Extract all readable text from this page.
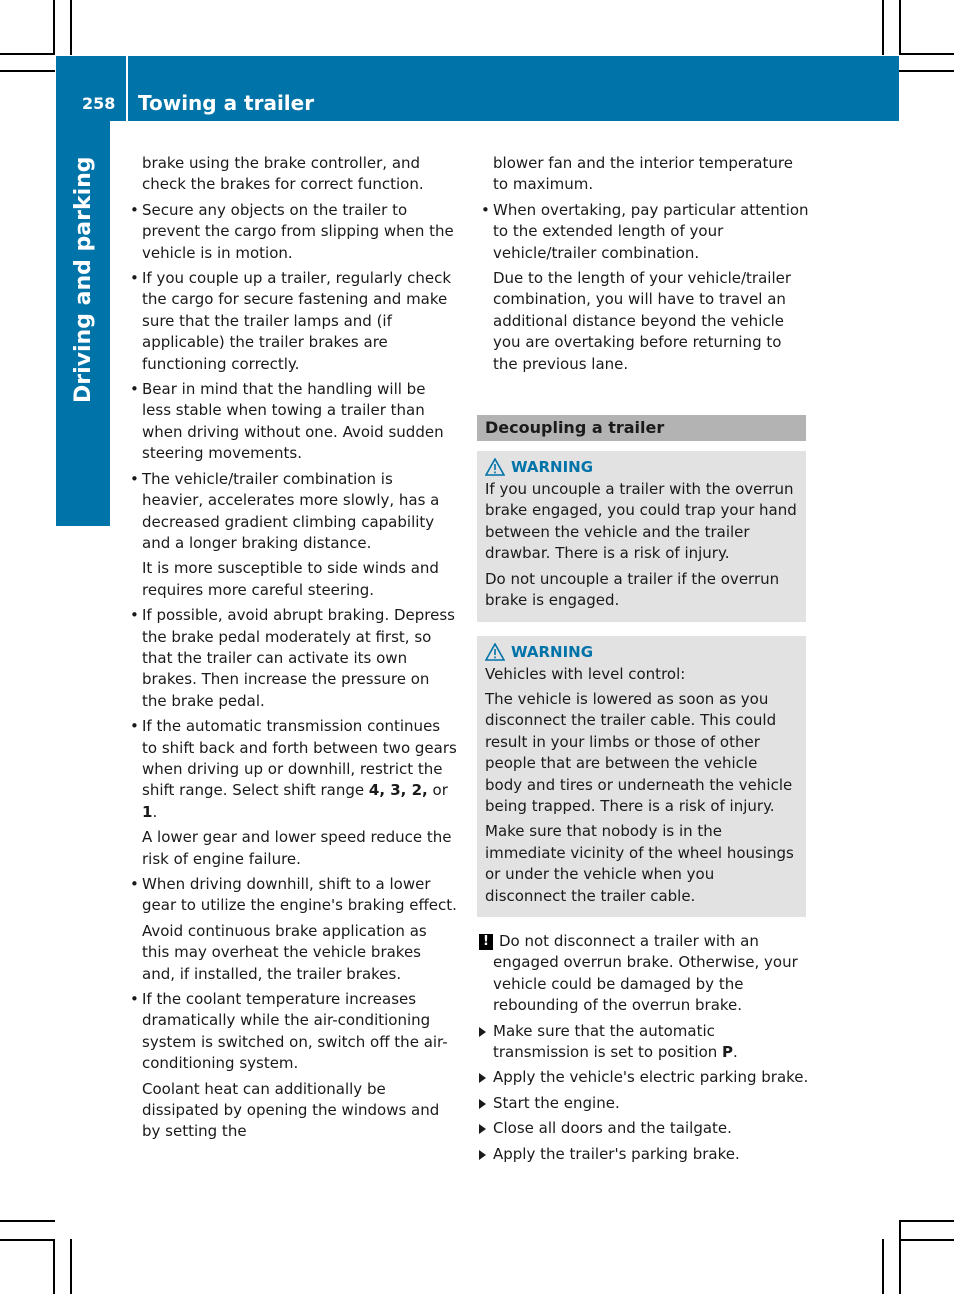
258 Towing a trailer
Driving and parking	brake using the brake controller, and check the brakes for correct function.

• Secure any objects on the trailer to prevent the cargo from slipping when the vehicle is in motion.

• If you couple up a trailer, regularly check the cargo for secure fastening and make sure that the trailer lamps and (if applicable) the trailer brakes are functioning correctly.

• Bear in mind that the handling will be less stable when towing a trailer than when driving without one. Avoid sudden steering movements.

• The vehicle/trailer combination is heavier, accelerates more slowly, has a decreased gradient climbing capability and a longer braking distance.

It is more susceptible to side winds and requires more careful steering.

• If possible, avoid abrupt braking. Depress the brake pedal moderately at first, so that the trailer can activate its own brakes. Then increase the pressure on the brake pedal.

• If the automatic transmission continues to shift back and forth between two gears when driving up or downhill, restrict the shift range. Select shift range 4, 3, 2, or 1.

A lower gear and lower speed reduce the risk of engine failure.

• When driving downhill, shift to a lower gear to utilize the engine's braking effect.

Avoid continuous brake application as this may overheat the vehicle brakes and, if installed, the trailer brakes.

• If the coolant temperature increases dramatically while the air-conditioning system is switched on, switch off the air-conditioning system.

Coolant heat can additionally be dissipated by opening the windows and by setting the

blower fan and the interior temperature to maximum.

• When overtaking, pay particular attention to the extended length of your vehicle/trailer combination.

Due to the length of your vehicle/trailer combination, you will have to travel an additional distance beyond the vehicle you are overtaking before returning to the previous lane.

Decoupling a trailer
WARNING

If you uncouple a trailer with the overrun brake engaged, you could trap your hand between the vehicle and the trailer drawbar. There is a risk of injury.

Do not uncouple a trailer if the overrun brake is engaged.

WARNING

Vehicles with level control:

The vehicle is lowered as soon as you disconnect the trailer cable. This could result in your limbs or those of other people that are between the vehicle body and tires or underneath the vehicle being trapped. There is a risk of injury.

Make sure that nobody is in the immediate vicinity of the wheel housings or under the vehicle when you disconnect the trailer cable.

! Do not disconnect a trailer with an engaged overrun brake. Otherwise, your vehicle could be damaged by the rebounding of the overrun brake.

Make sure that the automatic transmission is set to position P.

Apply the vehicle's electric parking brake.

Start the engine.

Close all doors and the tailgate.

Apply the trailer's parking brake.
